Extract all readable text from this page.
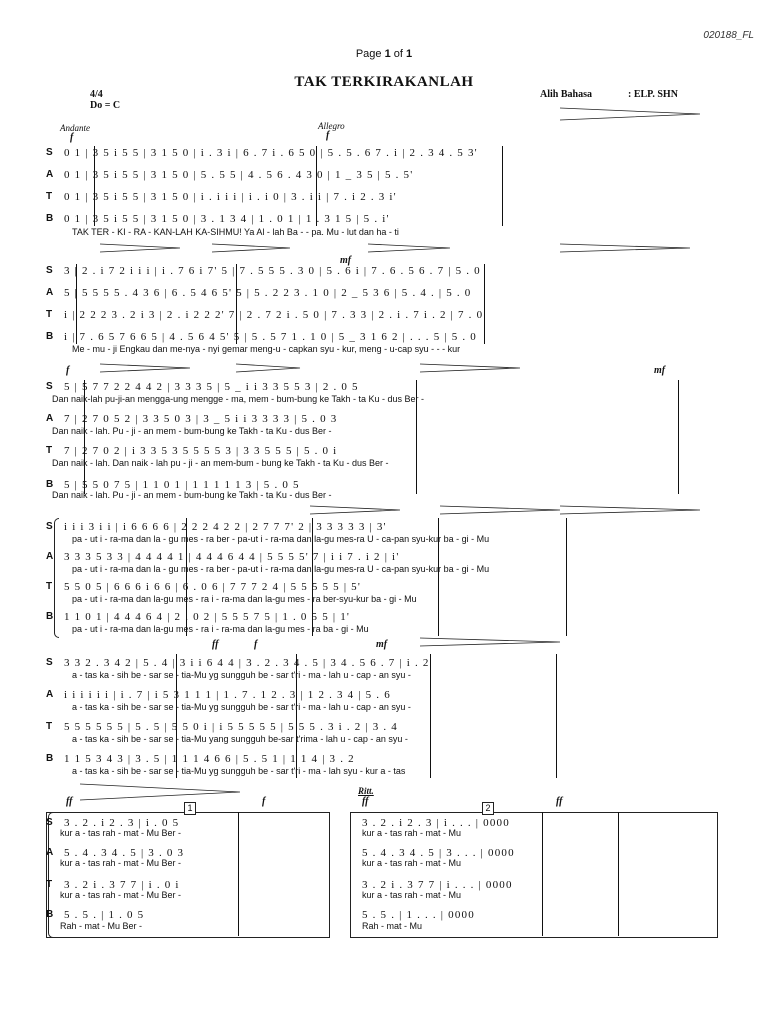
020188_FL
Page 1 of 1
TAK TERKIRAKANLAH
4/4
Do = C
Alih Bahasa	: ELP. SHN
Andante
f
Allegro
f
mf
f	mf
ff	f	mf
ff	f
Ritt.
ff	ff
S	0 1 | 3 5 i 5 5 | 3 1 5 0 | i . 3 i | 6 . 7 i . 6 5 0 | 5 . 5 . 6 7 . i | 2 . 3 4 . 5 3'
A 0 1 | 3 5 i 5 5 | 3 1 5 0 | 5 . 5 5 | 4 . 5 6 . 4 3 0 | 1 _ 3 5 | 5 . 5'
T	0 1 | 3 5 i 5 5 | 3 1 5 0 | i . i i i | i . i 0 | 3 . i i | 7 . i 2 . 3 i'
B 0 1 | 3 5 i 5 5 | 3 1 5 0 | 3 . 1 3 4 | 1 . 0 1 | 1 . 3 1 5 | 5 . i'
TAK TER - KI - RA - KAN-LAH KA-SIHMU! Ya Al - lah Ba - - pa. Mu - lut dan ha - ti
S	3 | 2 . i 7 2 i i i | i . 7 6 i 7' 5 | 7 . 5 5 5 . 3 0 | 5 . 6 i | 7 . 6 . 5 6 . 7 | 5 . 0
A 5 | 5 5 5 5 . 4 3 6 | 6 . 5 4 6 5' 5 | 5 . 2 2 3 . 1 0 | 2 _ 5 3 6 | 5 . 4 . | 5 . 0
T	i | 2 2 2 3 . 2 i 3 | 2 . i 2 2 2' 7 | 2 . 7 2 i . 5 0 | 7 . 3 3 | 2 . i . 7 i . 2 | 7 . 0
B i | 7 . 6 5 7 6 6 5 | 4 . 5 6 4 5' 5 | 5 . 5 7 1 . 1 0 | 5 _ 3 1 6 2 | . . . 5 | 5 . 0
Me - mu - ji Engkau dan me-nya - nyi gemar meng-u - capkan syu - kur, meng - u-cap syu - - - kur
S	5 | 5 7 7 2 2 4 4 2 | 3 3 3 5 | 5 _ i i 3 3 5 5 3 | 2 . 0 5
Dan naik-lah pu-ji-an mengga-ung mengge - ma, mem - bum-bung ke Takh - ta Ku - dus Ber -
A 7 | 2 7 0 5 2 | 3 3 5 0 3 | 3 _ 5 i i 3 3 3 3 | 5 . 0 3
Dan naik - lah. Pu - ji - an mem - bum-bung ke Takh - ta Ku - dus Ber -
T	7 | 2 7 0 2 | i 3 3 5 3 5 5 5 5 3 | 3 3 5 5 5 | 5 . 0 i
Dan naik - lah. Dan naik - lah pu - ji - an mem-bum - bung ke Takh - ta Ku - dus Ber -
B 5 | 5 5 0 7 5 | 1 1 0 1 | 1 1 1 1 1 3 | 5 . 0 5
Dan naik - lah. Pu - ji - an mem - bum-bung ke Takh - ta Ku - dus Ber -
S	i i i 3 i i | i 6 6 6 6 | 2 2 2 4 2 2 | 2 7 7 7' 2 | 3 3 3 3 3 | 3'
pa - ut i - ra-ma dan la - gu mes - ra ber - pa-ut i - ra-ma dan la-gu mes-ra U - ca-pan syu-kur ba - gi - Mu
A 3 3 3 5 3 3 | 4 4 4 4 1 | 4 4 4 6 4 4 | 5 5 5 5' 7 | i i 7 . i 2 | i'
pa - ut i - ra-ma dan la - gu mes - ra ber - pa-ut i - ra-ma dan la-gu mes-ra U - ca-pan syu-kur ba - gi - Mu
T	5 5 0 5 | 6 6 6 i 6 6 | 6 . 0 6 | 7 7 7 2 4 | 5 5 5 5 5 | 5'
pa - ut i - ra-ma dan la-gu mes - ra i - ra-ma dan la-gu mes - ra ber-syu-kur ba - gi - Mu
B 1 1 0 1 | 4 4 4 6 4 | 2 . 0 2 | 5 5 5 7 5 | 1 . 0 5 5 | 1'
pa - ut i - ra-ma dan la-gu mes - ra i - ra-ma dan la-gu mes - ra ba - gi - Mu
S	3 3 2 . 3 4 2 | 5 . 4 | 3 i i 6 4 4 | 3 . 2 . 3 4 . 5 | 3 4 . 5 6 . 7 | i . 2
a - tas ka - sih be - sar se - tia-Mu yg sungguh be - sar t'ri - ma - lah u - cap - an syu -
A i i i i i i | i . 7 | i 5 3 1 1 1 | 1 . 7 . 1 2 . 3 | 1 2 . 3 4 | 5 . 6
a - tas ka - sih be - sar se - tia-Mu yg sungguh be - sar t'ri - ma - lah u - cap - an syu -
T	5 5 5 5 5 5 | 5 . 5 | 5 5 0 i | i 5 5 5 5 5 | 5 5 5 . 3 i . 2 | 3 . 4
a - tas ka - sih be - sar se - tia-Mu yang sungguh be-sar t'rima - lah u - cap - an syu -
B 1 1 5 3 4 3 | 3 . 5 | 1 1 1 4 6 6 | 5 . 5 1 | 1 1 4 | 3 . 2
a - tas ka - sih be - sar se - tia-Mu yg sungguh be - sar t'ri - ma - lah syu - kur a - tas
1	2
S	3 . 2 . i 2 . 3 | i . 0 5
kur a - tas rah - mat - Mu Ber -
3 . 2 . i 2 . 3 | i . . . | 0000
kur a - tas rah - mat - Mu
A 5 . 4 . 3 4 . 5 | 3 . 0 3
kur a - tas rah - mat - Mu Ber -
5 . 4 . 3 4 . 5 | 3 . . . | 0000
kur a - tas rah - mat - Mu
T	3 . 2 i . 3 7 7 | i . 0 i
kur a - tas rah - mat - Mu Ber -
3 . 2 i . 3 7 7 | i . . . | 0000
kur a - tas rah - mat - Mu
B 5 . 5 . | 1 . 0 5
Rah - mat - Mu Ber -
5 . 5 . | 1 . . . | 0000
Rah - mat - Mu
